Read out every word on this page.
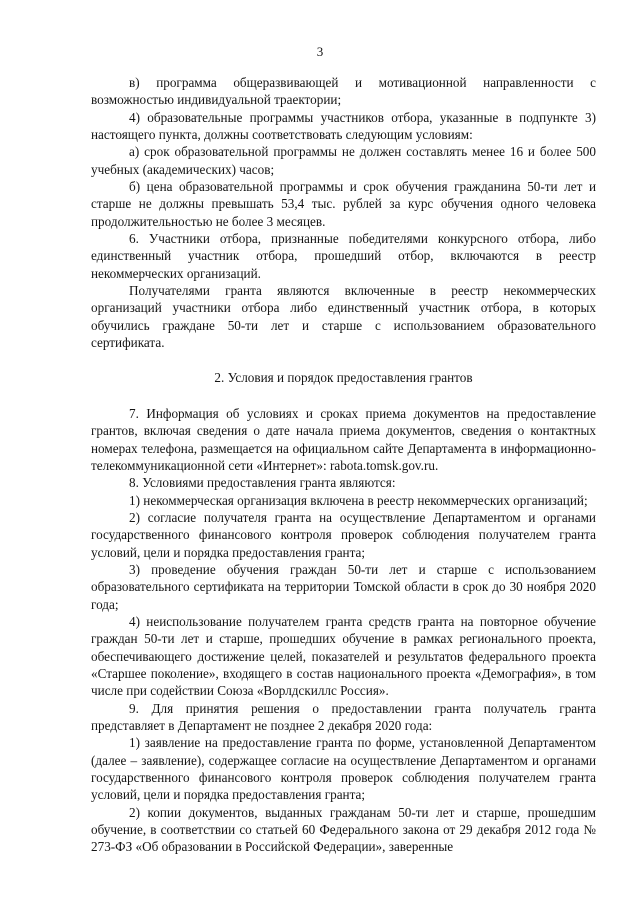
3

в) программа общеразвивающей и мотивационной направленности с возможностью индивидуальной траектории;

4) образовательные программы участников отбора, указанные в подпункте 3) настоящего пункта, должны соответствовать следующим условиям:

а) срок образовательной программы не должен составлять менее 16 и более 500 учебных (академических) часов;

б) цена образовательной программы и срок обучения гражданина 50-ти лет и старше не должны превышать 53,4 тыс. рублей за курс обучения одного человека продолжительностью не более 3 месяцев.

6. Участники отбора, признанные победителями конкурсного отбора, либо единственный участник отбора, прошедший отбор, включаются в реестр некоммерческих организаций.

Получателями гранта являются включенные в реестр некоммерческих организаций участники отбора либо единственный участник отбора, в которых обучились граждане 50-ти лет и старше с использованием образовательного сертификата.

2. Условия и порядок предоставления грантов

7. Информация об условиях и сроках приема документов на предоставление грантов, включая сведения о дате начала приема документов, сведения о контактных номерах телефона, размещается на официальном сайте Департамента в информационно-телекоммуникационной сети «Интернет»: rabota.tomsk.gov.ru.

8. Условиями предоставления гранта являются:

1) некоммерческая организация включена в реестр некоммерческих организаций;

2) согласие получателя гранта на осуществление Департаментом и органами государственного финансового контроля проверок соблюдения получателем гранта условий, цели и порядка предоставления гранта;

3) проведение обучения граждан 50-ти лет и старше с использованием образовательного сертификата на территории Томской области в срок до 30 ноября 2020 года;

4) неиспользование получателем гранта средств гранта на повторное обучение граждан 50-ти лет и старше, прошедших обучение в рамках регионального проекта, обеспечивающего достижение целей, показателей и результатов федерального проекта «Старшее поколение», входящего в состав национального проекта «Демография», в том числе при содействии Союза «Ворлдскиллс Россия».

9. Для принятия решения о предоставлении гранта получатель гранта представляет в Департамент не позднее 2 декабря 2020 года:

1) заявление на предоставление гранта по форме, установленной Департаментом (далее – заявление), содержащее согласие на осуществление Департаментом и органами государственного финансового контроля проверок соблюдения получателем гранта условий, цели и порядка предоставления гранта;

2) копии документов, выданных гражданам 50-ти лет и старше, прошедшим обучение, в соответствии со статьей 60 Федерального закона от 29 декабря 2012 года № 273-ФЗ «Об образовании в Российской Федерации», заверенные
